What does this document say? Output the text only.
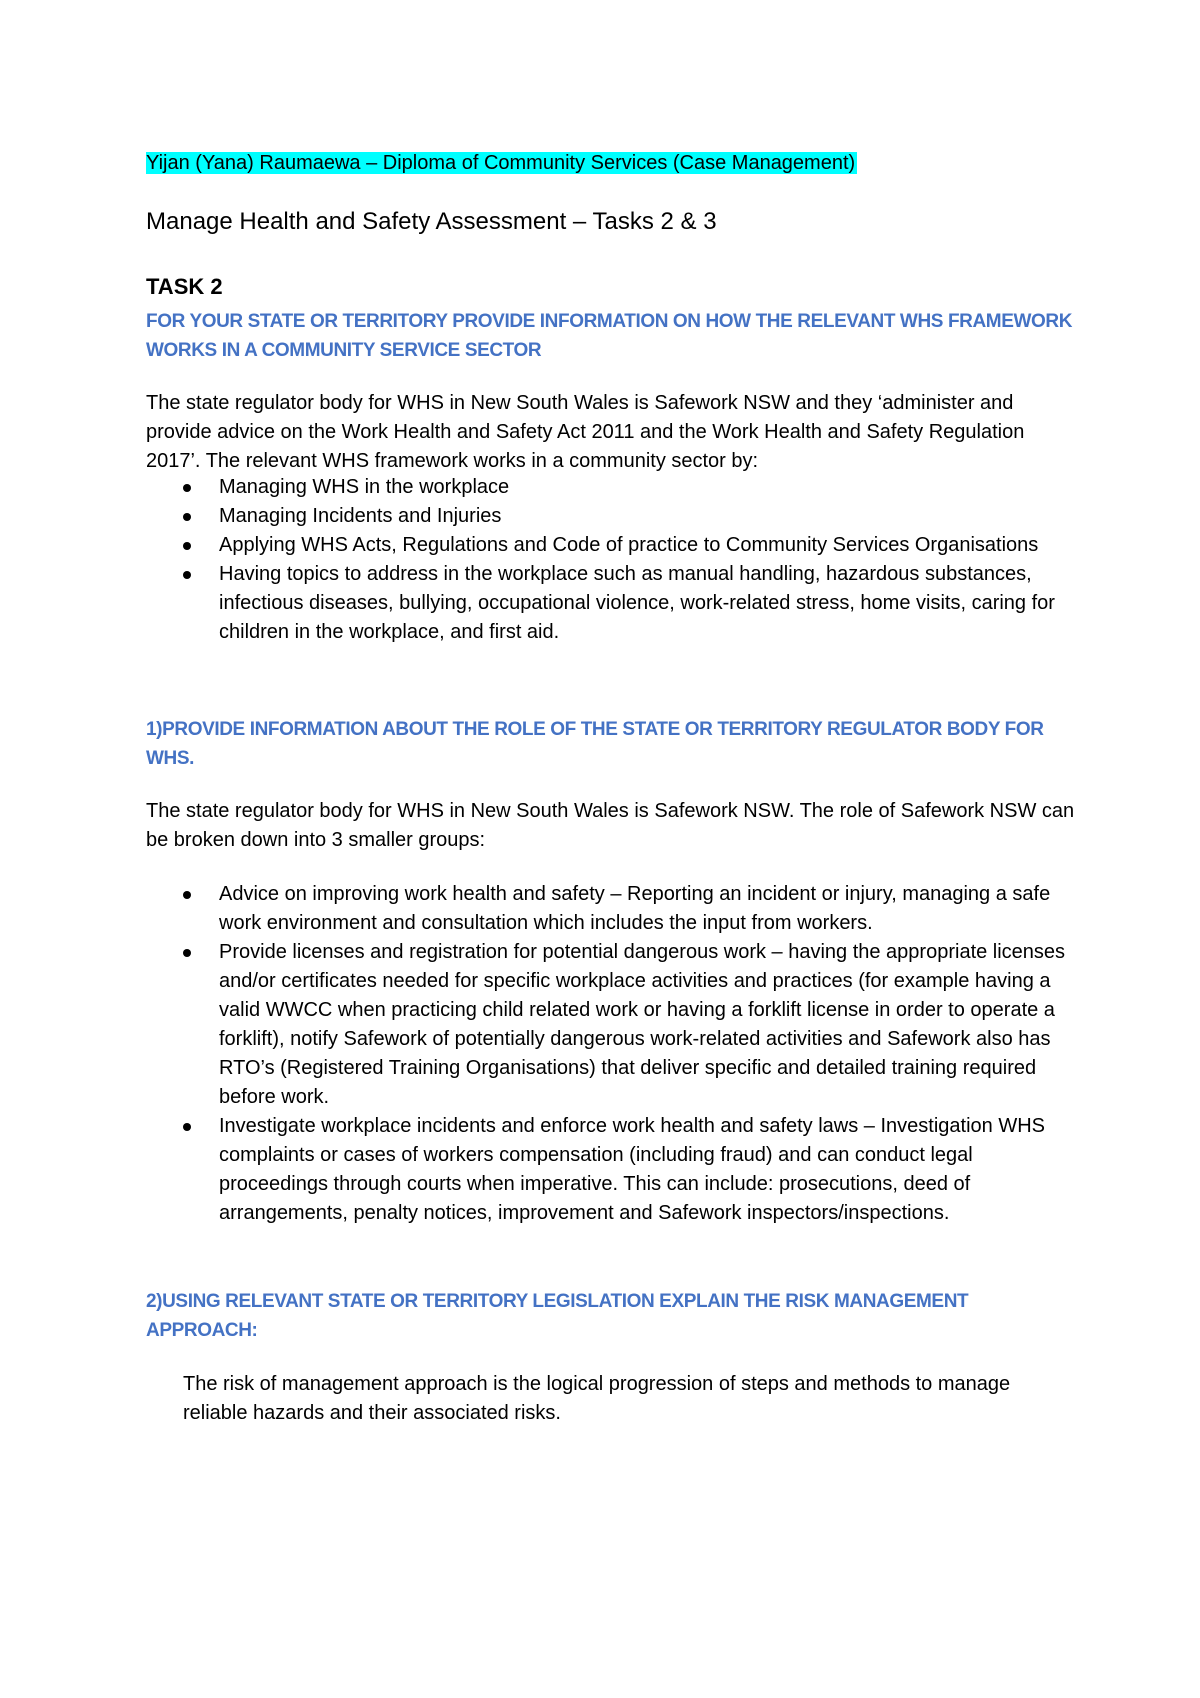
Yijan (Yana) Raumaewa – Diploma of Community Services (Case Management)
Manage Health and Safety Assessment – Tasks 2 & 3
TASK 2
FOR YOUR STATE OR TERRITORY PROVIDE INFORMATION ON HOW THE RELEVANT WHS FRAMEWORK WORKS IN A COMMUNITY SERVICE SECTOR
The state regulator body for WHS in New South Wales is Safework NSW and they ‘administer and provide advice on the Work Health and Safety Act 2011 and the Work Health and Safety Regulation 2017’. The relevant WHS framework works in a community sector by:
Managing WHS in the workplace
Managing Incidents and Injuries
Applying WHS Acts, Regulations and Code of practice to Community Services Organisations
Having topics to address in the workplace such as manual handling, hazardous substances, infectious diseases, bullying, occupational violence, work-related stress, home visits, caring for children in the workplace, and first aid.
1)PROVIDE INFORMATION ABOUT THE ROLE OF THE STATE OR TERRITORY REGULATOR BODY FOR WHS.
The state regulator body for WHS in New South Wales is Safework NSW. The role of Safework NSW can be broken down into 3 smaller groups:
Advice on improving work health and safety – Reporting an incident or injury, managing a safe work environment and consultation which includes the input from workers.
Provide licenses and registration for potential dangerous work – having the appropriate licenses and/or certificates needed for specific workplace activities and practices (for example having a valid WWCC when practicing child related work or having a forklift license in order to operate a forklift), notify Safework of potentially dangerous work-related activities and Safework also has RTO’s (Registered Training Organisations) that deliver specific and detailed training required before work.
Investigate workplace incidents and enforce work health and safety laws – Investigation WHS complaints or cases of workers compensation (including fraud) and can conduct legal proceedings through courts when imperative. This can include: prosecutions, deed of arrangements, penalty notices, improvement and Safework inspectors/inspections.
2)USING RELEVANT STATE OR TERRITORY LEGISLATION EXPLAIN THE RISK MANAGEMENT APPROACH:
The risk of management approach is the logical progression of steps and methods to manage reliable hazards and their associated risks.
